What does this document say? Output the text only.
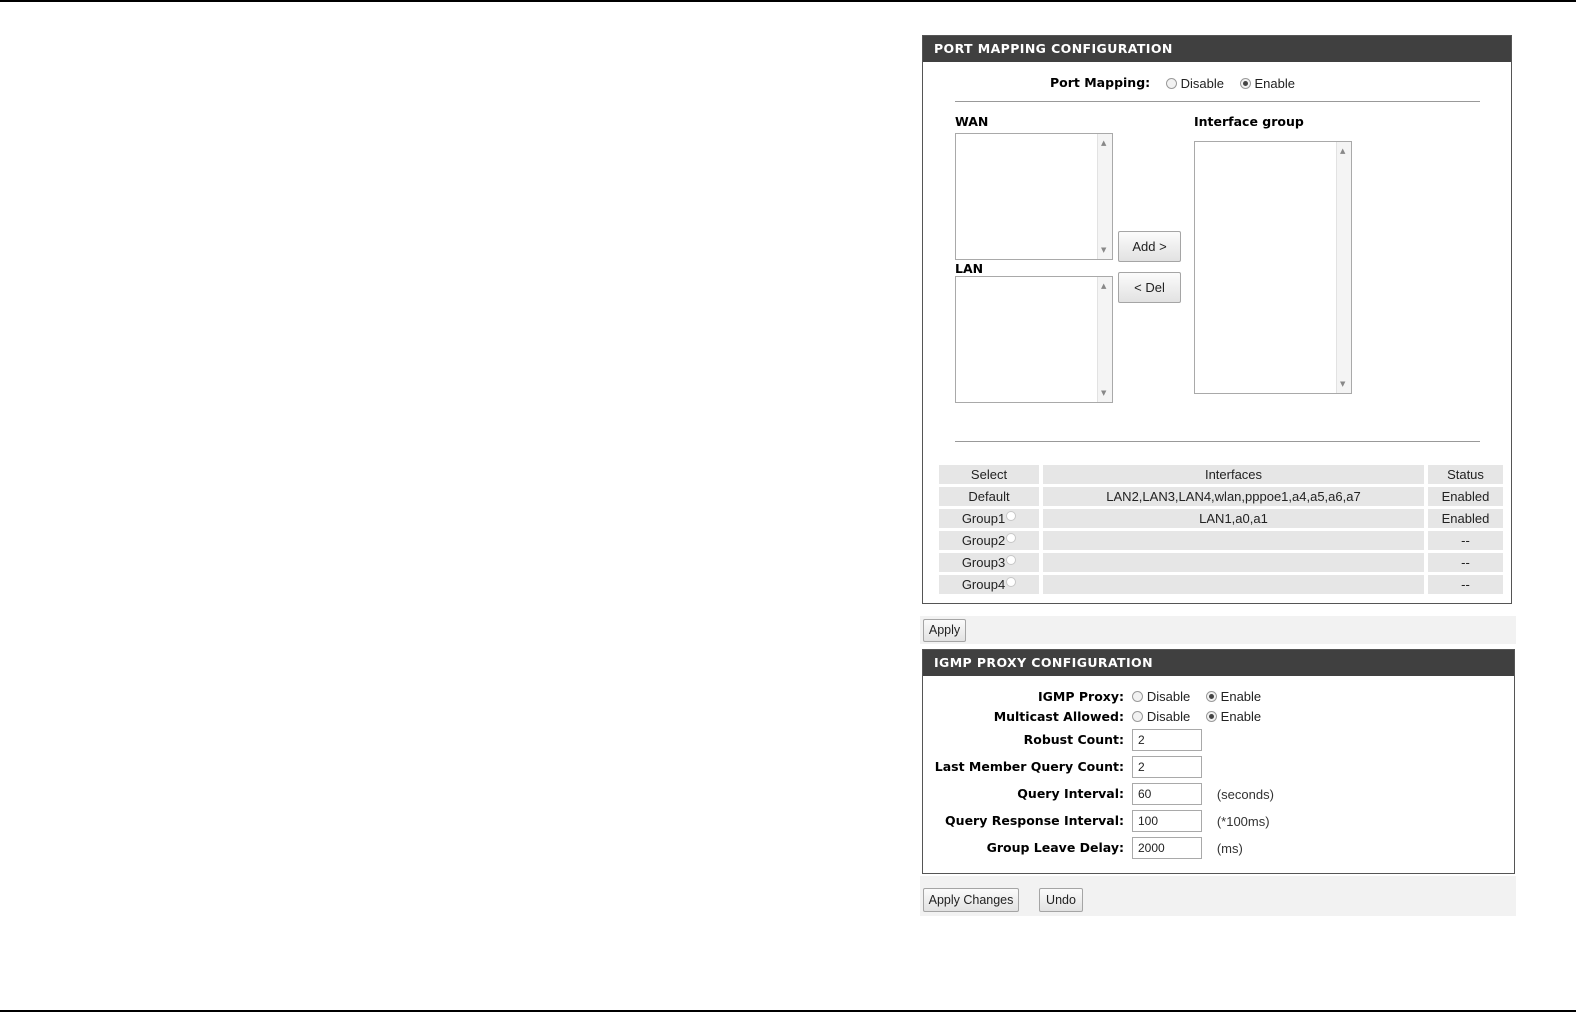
PORT MAPPING CONFIGURATION
Port Mapping: Disable Enable
WAN	Interface group
▲
▼
LAN
▲
▼
Add >
< Del
▲
▼
Select	Interfaces	Status
Default	LAN2,LAN3,LAN4,wlan,pppoe1,a4,a5,a6,a7	Enabled
Group1	LAN1,a0,a1	Enabled
Group2		--
Group3		--
Group4		--
Apply
IGMP PROXY CONFIGURATION
IGMP Proxy:	Disable Enable
Multicast Allowed:	Disable Enable
Robust Count:
2
Last Member Query Count:
2
Query Interval:
60	(seconds)
Query Response Interval:
100	(*100ms)
Group Leave Delay:
2000	(ms)
Apply Changes	Undo
